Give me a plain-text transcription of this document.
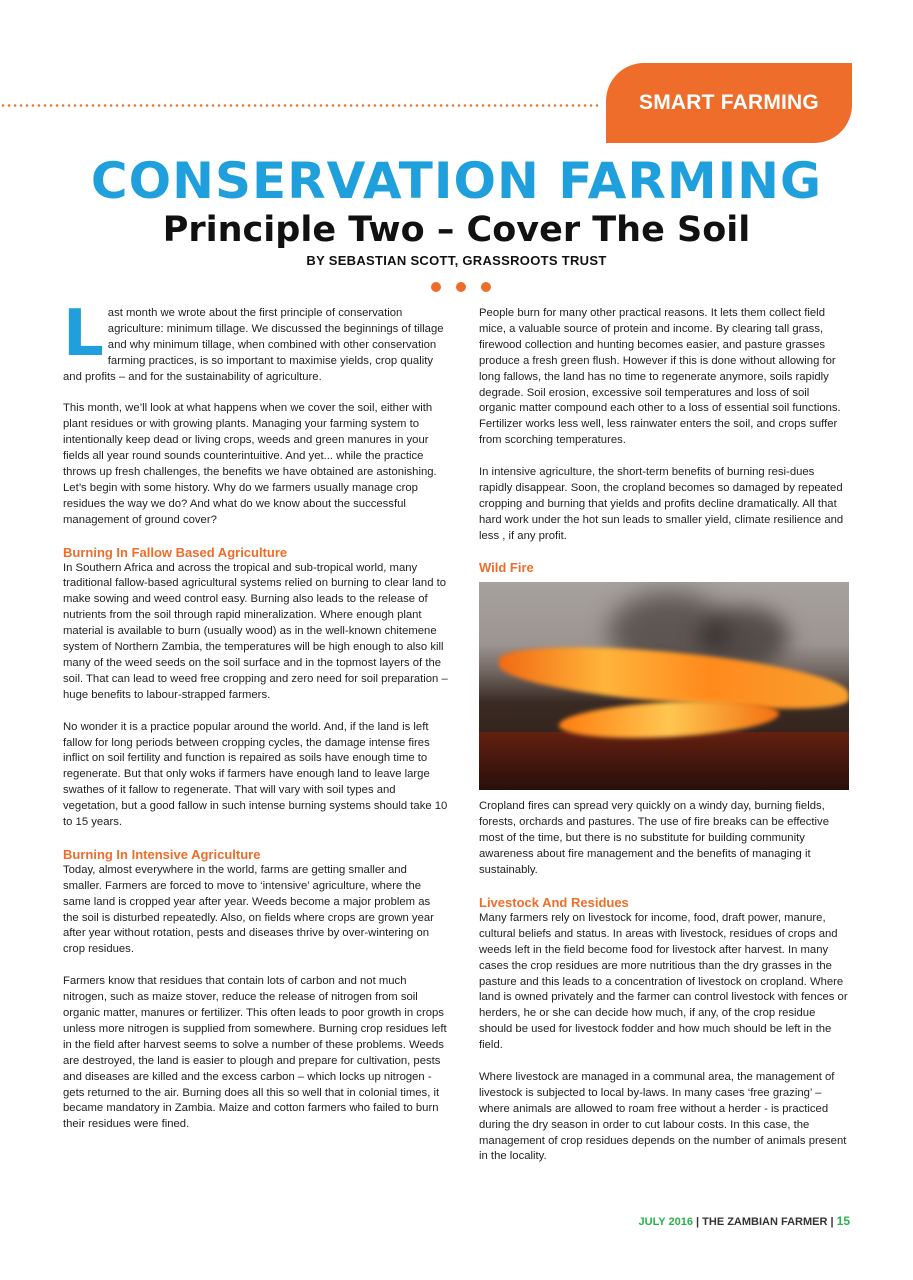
SMART FARMING
CONSERVATION FARMING
Principle Two – Cover The Soil
BY SEBASTIAN SCOTT, GRASSROOTS TRUST

Last month we wrote about the first principle of conservation agriculture: minimum tillage. We discussed the beginnings of tillage and why minimum tillage, when combined with other conservation farming practices, is so important to maximise yields, crop quality and profits – and for the sustainability of agriculture.

This month, we’ll look at what happens when we cover the soil, either with plant residues or with growing plants. Managing your farming system to intentionally keep dead or living crops, weeds and green manures in your fields all year round sounds counterintuitive. And yet... while the practice throws up fresh challenges, the benefits we have obtained are astonishing. Let’s begin with some history. Why do we farmers usually manage crop residues the way we do? And what do we know about the successful management of ground cover?

Burning In Fallow Based Agriculture

In Southern Africa and across the tropical and sub-tropical world, many traditional fallow-based agricultural systems relied on burning to clear land to make sowing and weed control easy. Burning also leads to the release of nutrients from the soil through rapid mineralization. Where enough plant material is available to burn (usually wood) as in the well-known chitemene system of Northern Zambia, the temperatures will be high enough to also kill many of the weed seeds on the soil surface and in the topmost layers of the soil. That can lead to weed free cropping and zero need for soil preparation – huge benefits to labour-strapped farmers.

No wonder it is a practice popular around the world. And, if the land is left fallow for long periods between cropping cycles, the damage intense fires inflict on soil fertility and function is repaired as soils have enough time to regenerate. But that only woks if farmers have enough land to leave large swathes of it fallow to regenerate. That will vary with soil types and vegetation, but a good fallow in such intense burning systems should take 10 to 15 years.

Burning In Intensive Agriculture

Today, almost everywhere in the world, farms are getting smaller and smaller. Farmers are forced to move to ‘intensive’ agriculture, where the same land is cropped year after year. Weeds become a major problem as the soil is disturbed repeatedly. Also, on fields where crops are grown year after year without rotation, pests and diseases thrive by over-wintering on crop residues.

Farmers know that residues that contain lots of carbon and not much nitrogen, such as maize stover, reduce the release of nitrogen from soil organic matter, manures or fertilizer. This often leads to poor growth in crops unless more nitrogen is supplied from somewhere. Burning crop residues left in the field after harvest seems to solve a number of these problems. Weeds are destroyed, the land is easier to plough and prepare for cultivation, pests and diseases are killed and the excess carbon – which locks up nitrogen - gets returned to the air. Burning does all this so well that in colonial times, it became mandatory in Zambia. Maize and cotton farmers who failed to burn their residues were fined.

People burn for many other practical reasons. It lets them collect field mice, a valuable source of protein and income. By clearing tall grass, firewood collection and hunting becomes easier, and pasture grasses produce a fresh green flush. However if this is done without allowing for long fallows, the land has no time to regenerate anymore, soils rapidly degrade. Soil erosion, excessive soil temperatures and loss of soil organic matter compound each other to a loss of essential soil functions. Fertilizer works less well, less rainwater enters the soil, and crops suffer from scorching temperatures.

In intensive agriculture, the short-term benefits of burning resi-dues rapidly disappear. Soon, the cropland becomes so damaged by repeated cropping and burning that yields and profits decline dramatically. All that hard work under the hot sun leads to smaller yield, climate resilience and less , if any profit.

Wild Fire

Cropland fires can spread very quickly on a windy day, burning fields, forests, orchards and pastures. The use of fire breaks can be effective most of the time, but there is no substitute for building community awareness about fire management and the benefits of managing it sustainably.

Livestock And Residues

Many farmers rely on livestock for income, food, draft power, manure, cultural beliefs and status. In areas with livestock, residues of crops and weeds left in the field become food for livestock after harvest. In many cases the crop residues are more nutritious than the dry grasses in the pasture and this leads to a concentration of livestock on cropland. Where land is owned privately and the farmer can control livestock with fences or herders, he or she can decide how much, if any, of the crop residue should be used for livestock fodder and how much should be left in the field.

Where livestock are managed in a communal area, the management of livestock is subjected to local by-laws. In many cases ‘free grazing’ – where animals are allowed to roam free without a herder - is practiced during the dry season in order to cut labour costs. In this case, the management of crop residues depends on the number of animals present in the locality.

JULY 2016 | THE ZAMBIAN FARMER | 15
